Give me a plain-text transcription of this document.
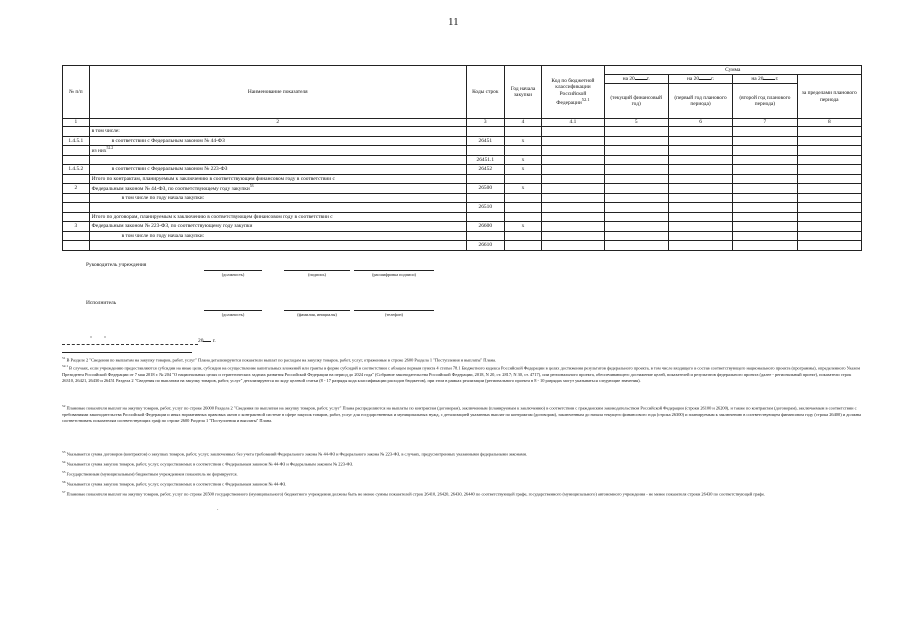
11
№ п/п	Наименование показателя	Коды строк	Год начала закупки	Код по бюджетной классификации Российской Федерации$^{52.1}$	Сумма			
					на 20 г.	на 20 г.	на 20 г.	за пределами планового периода
					(текущий финансовый год)	(первый год планового периода)	(второй год планового периода)	
1	2	3	4	4.1	5	6	7	8
	в том числе:							
1.4.5.1	в соответствии с Федеральным законом № 44-ФЗ	26451	x					
	из них$^{52.2}$							
		26451.1	x					
1.4.5.2	в соответствии с Федеральным законом № 223-ФЗ	26452	x					
	Итого по контрактам, планируемым к заключению в соответствующем финансовом году в соответствии с							
2	Федеральным законом № 44-ФЗ, по соответствующему году закупки$^{53}$	26500	x					
	в том числе по году начала закупки:							
		26510						
	Итого по договорам, планируемым к заключению в соответствующем финансовом году в соответствии с							
3	Федеральным законом № 223-ФЗ, по соответствующему году закупки	26600	x					
	в том числе по году начала закупки:							
		26610						
Руководитель учреждения
(должность)	(подпись)	(расшифровка подписи)
Исполнитель
(должность)	(фамилия, инициалы)	(телефон)
" "	20 г.
$^{51}$ В Разделе 2 "Сведения по выплатам на закупку товаров, работ, услуг" Плана детализируются показатели выплат по расходам на закупку товаров, работ, услуг, отраженные в строке 2600 Раздела 1 "Поступления и выплаты" Плана.
$^{52.1}$ В случаях, если учреждению предоставляются субсидии на иные цели, субсидии на осуществление капитальных вложений или гранты в форме субсидий в соответствии с абзацем первым пункта 4 статьи 78.1 Бюджетного кодекса Российской Федерации в целях достижения результатов федерального проекта, в том числе входящего в состав соответствующего национального проекта (программы), определенного Указом Президента Российской Федерации от 7 мая 2018 г. № 204 "О национальных целях и стратегических задачах развития Российской Федерации на период до 2024 года" (Собрание законодательства Российской Федерации, 2018, N 20, ст. 2817; N 30, ст. 4717), или регионального проекта, обеспечивающего достижение целей, показателей и результатов федерального проекта (далее - региональный проект), показатели строк 26310, 26421, 26430 и 26451 Раздела 2 "Сведения по выплатам на закупку товаров, работ, услуг" детализируются по коду целевой статьи (8 - 17 разряды кода классификации расходов бюджетов), при этом в рамках реализации (регионального проекта в 8 - 10 разрядах могут указываться следующие значения).
$^{52}$ Плановые показатели выплат на закупку товаров, работ, услуг по строке 26000 Раздела 2 "Сведения по выплатам на закупку товаров, работ, услуг" Плана распределяются на выплаты по контрактам (договорам), заключенным (планируемым к заключению) в соответствии с гражданским законодательством Российской Федерации (строки 26100 и 26200), и также по контрактам (договорам), заключаемым в соответствии с требованиями законодательства Российской Федерации и иных нормативных правовых актов о контрактной системе в сфере закупок товаров, работ, услуг для государственных и муниципальных нужд, с детализацией указанных выплат по контрактам (договорам), заключенным до начала текущего финансового года (строка 26300) и планируемым к заключению в соответствующем финансовом году (строка 26400) и должны соответствовать показателям соответствующих граф по строке 2600 Раздела 1 "Поступления и выплаты" Плана.
$^{53}$ Указывается сумма договоров (контрактов) о закупках товаров, работ, услуг, заключенных без учета требований Федерального закона № 44-ФЗ и Федерального закона № 223-ФЗ, в случаях, предусмотренных указанными федеральными законами.
$^{54}$ Указывается сумма закупок товаров, работ, услуг, осуществляемых в соответствии с Федеральным законом № 44-ФЗ и Федеральным законом № 223-ФЗ.
$^{55}$ Государственным (муниципальным) бюджетным учреждением показатель не формируется.
$^{56}$ Указывается сумма закупок товаров, работ, услуг, осуществляемых в соответствии с Федеральным законом № 44-ФЗ.
$^{57}$ Плановые показатели выплат на закупку товаров, работ, услуг по строке 26500 государственного (муниципального) бюджетного учреждения должны быть не менее суммы показателей строк 26410, 26420, 26430, 26440 по соответствующей графе, государственного (муниципального) автономного учреждения - не менее показателя строки 26430 по соответствующей графе.
.
